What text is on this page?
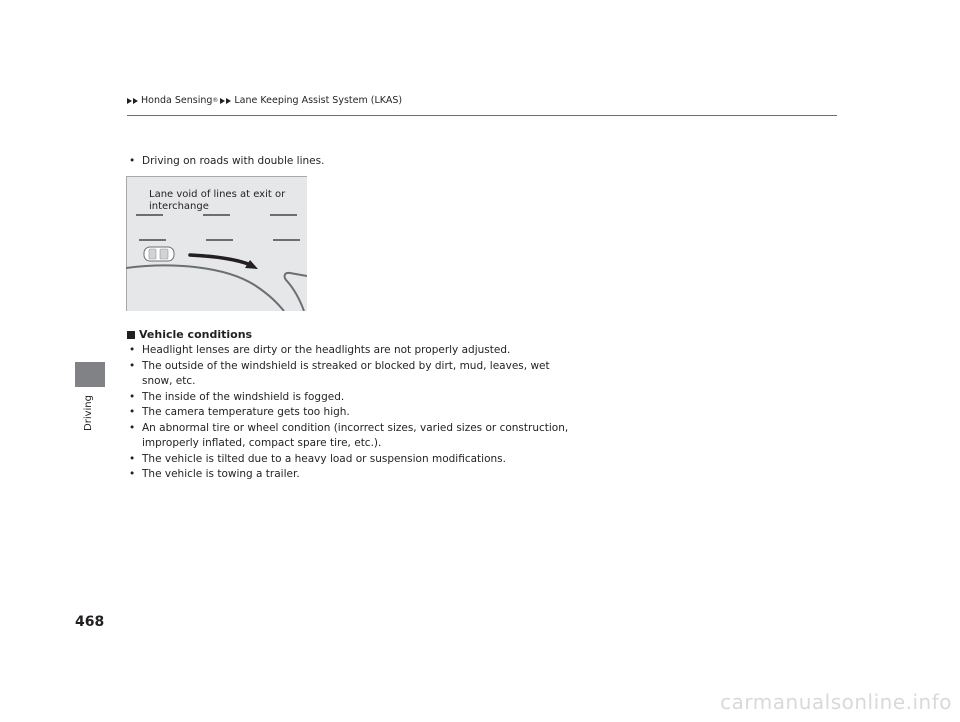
Honda Sensing ® Lane Keeping Assist System (LKAS)
Driving
468
• Driving on roads with double lines.
Lane void of lines at exit or interchange
Vehicle conditions
• Headlight lenses are dirty or the headlights are not properly adjusted.
• The outside of the windshield is streaked or blocked by dirt, mud, leaves, wet
snow, etc.
• The inside of the windshield is fogged.
• The camera temperature gets too high.
• An abnormal tire or wheel condition (incorrect sizes, varied sizes or construction,
improperly inflated, compact spare tire, etc.).
• The vehicle is tilted due to a heavy load or suspension modifications.
• The vehicle is towing a trailer.
carmanualsonline.info
